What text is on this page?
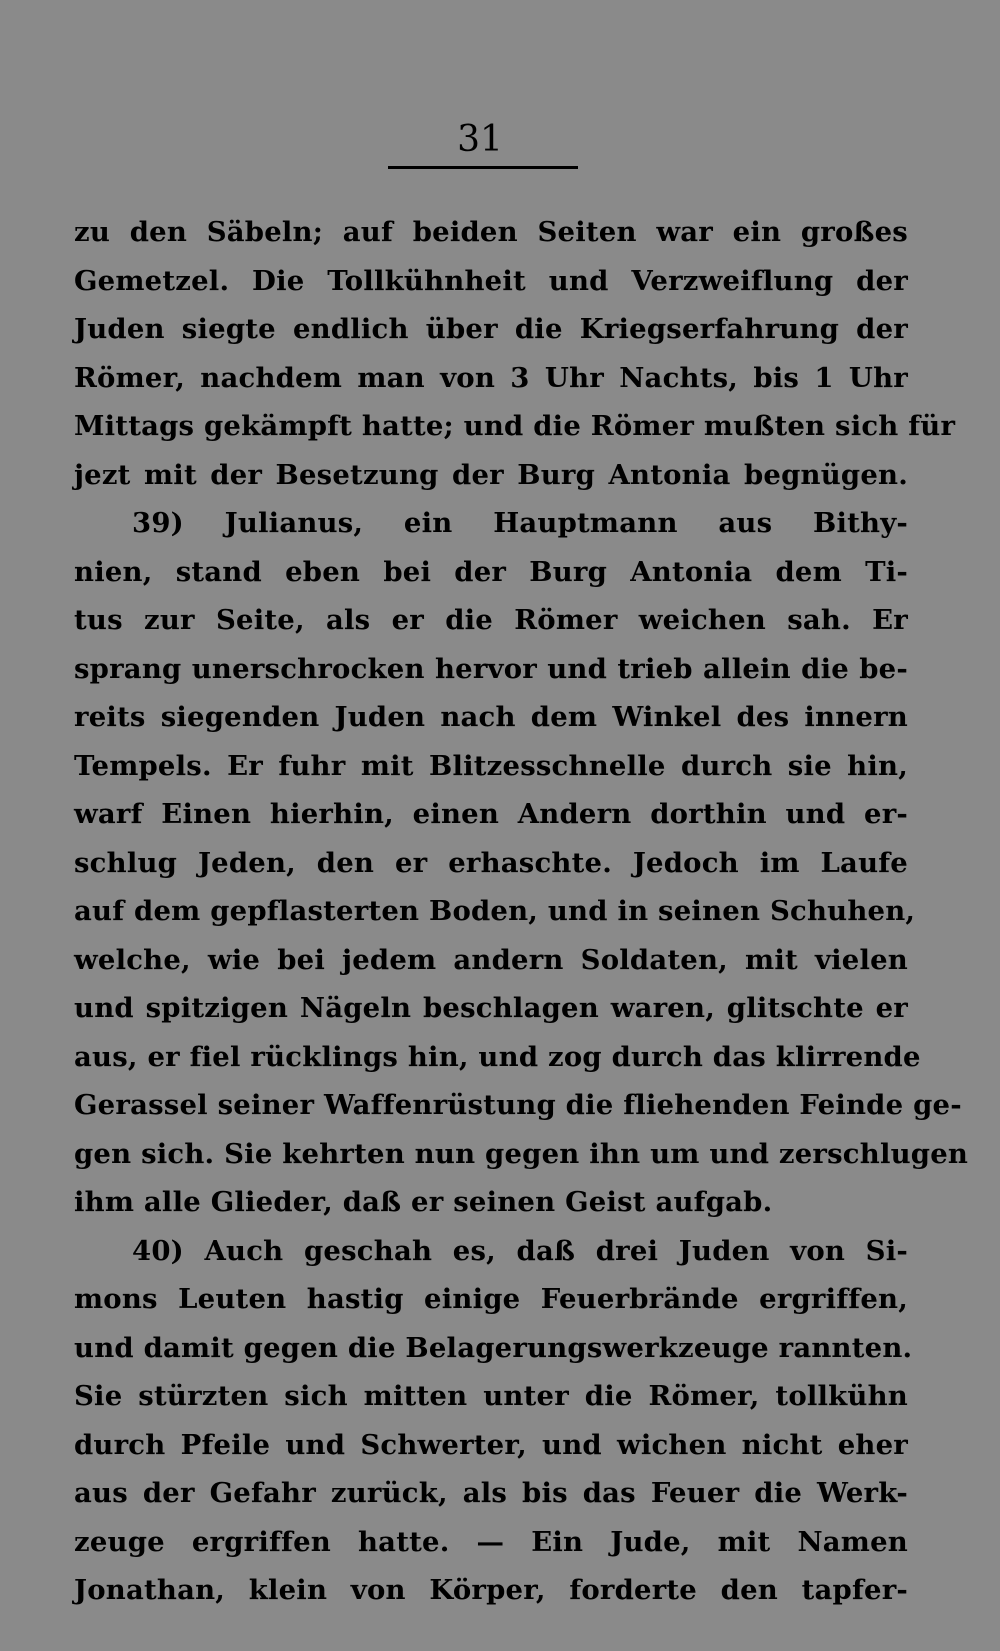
31
zu den Säbeln; auf beiden Seiten war ein großes
Gemetzel. Die Tollkühnheit und Verzweiflung der
Juden siegte endlich über die Kriegserfahrung der
Römer, nachdem man von 3 Uhr Nachts, bis 1 Uhr
Mittags gekämpft hatte; und die Römer mußten sich für
jezt mit der Besetzung der Burg Antonia begnügen.
39) Julianus, ein Hauptmann aus Bithy-
nien, stand eben bei der Burg Antonia dem Ti-
tus zur Seite, als er die Römer weichen sah. Er
sprang unerschrocken hervor und trieb allein die be-
reits siegenden Juden nach dem Winkel des innern
Tempels. Er fuhr mit Blitzesschnelle durch sie hin,
warf Einen hierhin, einen Andern dorthin und er-
schlug Jeden, den er erhaschte. Jedoch im Laufe
auf dem gepflasterten Boden, und in seinen Schuhen,
welche, wie bei jedem andern Soldaten, mit vielen
und spitzigen Nägeln beschlagen waren, glitschte er
aus, er fiel rücklings hin, und zog durch das klirrende
Gerassel seiner Waffenrüstung die fliehenden Feinde ge-
gen sich. Sie kehrten nun gegen ihn um und zerschlugen
ihm alle Glieder, daß er seinen Geist aufgab.
40) Auch geschah es, daß drei Juden von Si-
mons Leuten hastig einige Feuerbrände ergriffen,
und damit gegen die Belagerungswerkzeuge rannten.
Sie stürzten sich mitten unter die Römer, tollkühn
durch Pfeile und Schwerter, und wichen nicht eher
aus der Gefahr zurück, als bis das Feuer die Werk-
zeuge ergriffen hatte. — Ein Jude, mit Namen
Jonathan, klein von Körper, forderte den tapfer-
